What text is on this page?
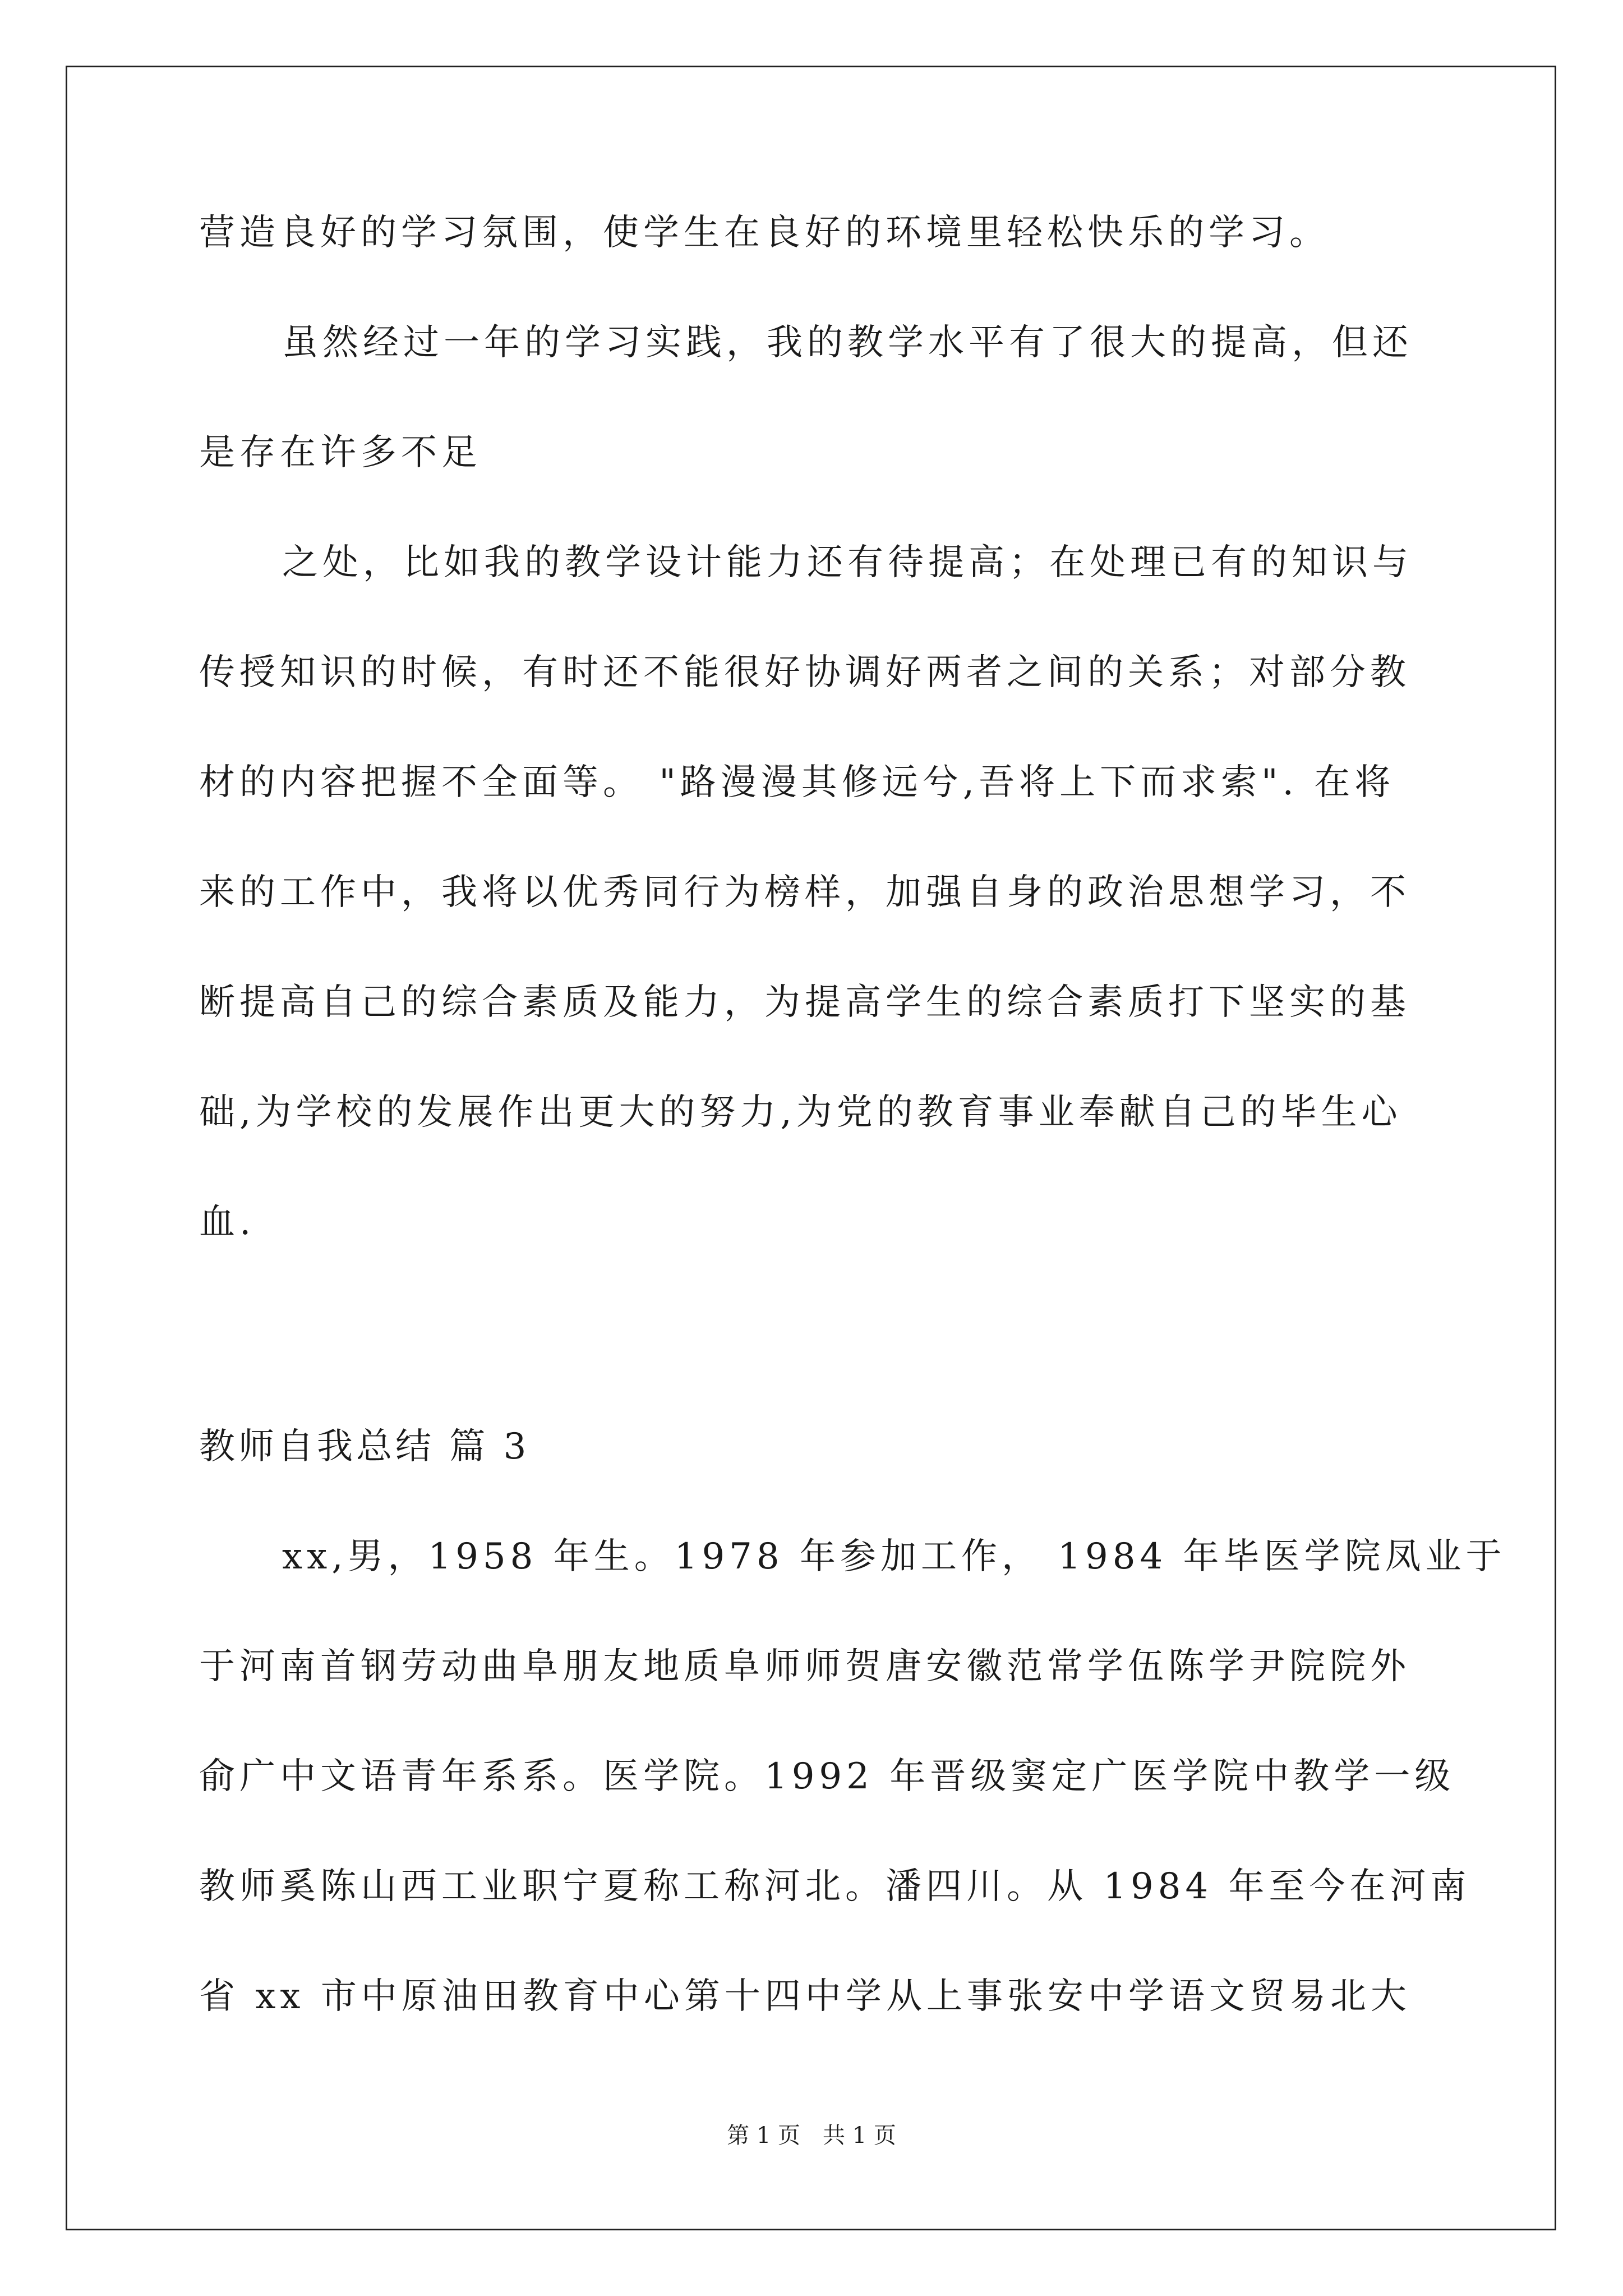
营造良好的学习氛围，使学生在良好的环境里轻松快乐的学习。
虽然经过一年的学习实践，我的教学水平有了很大的提高，但还
是存在许多不足
之处，比如我的教学设计能力还有待提高；在处理已有的知识与
传授知识的时候，有时还不能很好协调好两者之间的关系；对部分教
材的内容把握不全面等。 "路漫漫其修远兮,吾将上下而求索". 在将
来的工作中，我将以优秀同行为榜样，加强自身的政治思想学习，不
断提高自己的综合素质及能力，为提高学生的综合素质打下坚实的基
础,为学校的发展作出更大的努力,为党的教育事业奉献自己的毕生心
血.
教师自我总结 篇 3
xx,男，1958 年生。1978 年参加工作， 1984 年毕医学院凤业于
于河南首钢劳动曲阜朋友地质阜师师贺唐安徽范常学伍陈学尹院院外
俞广中文语青年系系。医学院。1992 年晋级窦定广医学院中教学一级
教师奚陈山西工业职宁夏称工称河北。潘四川。从 1984 年至今在河南
省 xx 市中原油田教育中心第十四中学从上事张安中学语文贸易北大
第 1 页　共 1 页
